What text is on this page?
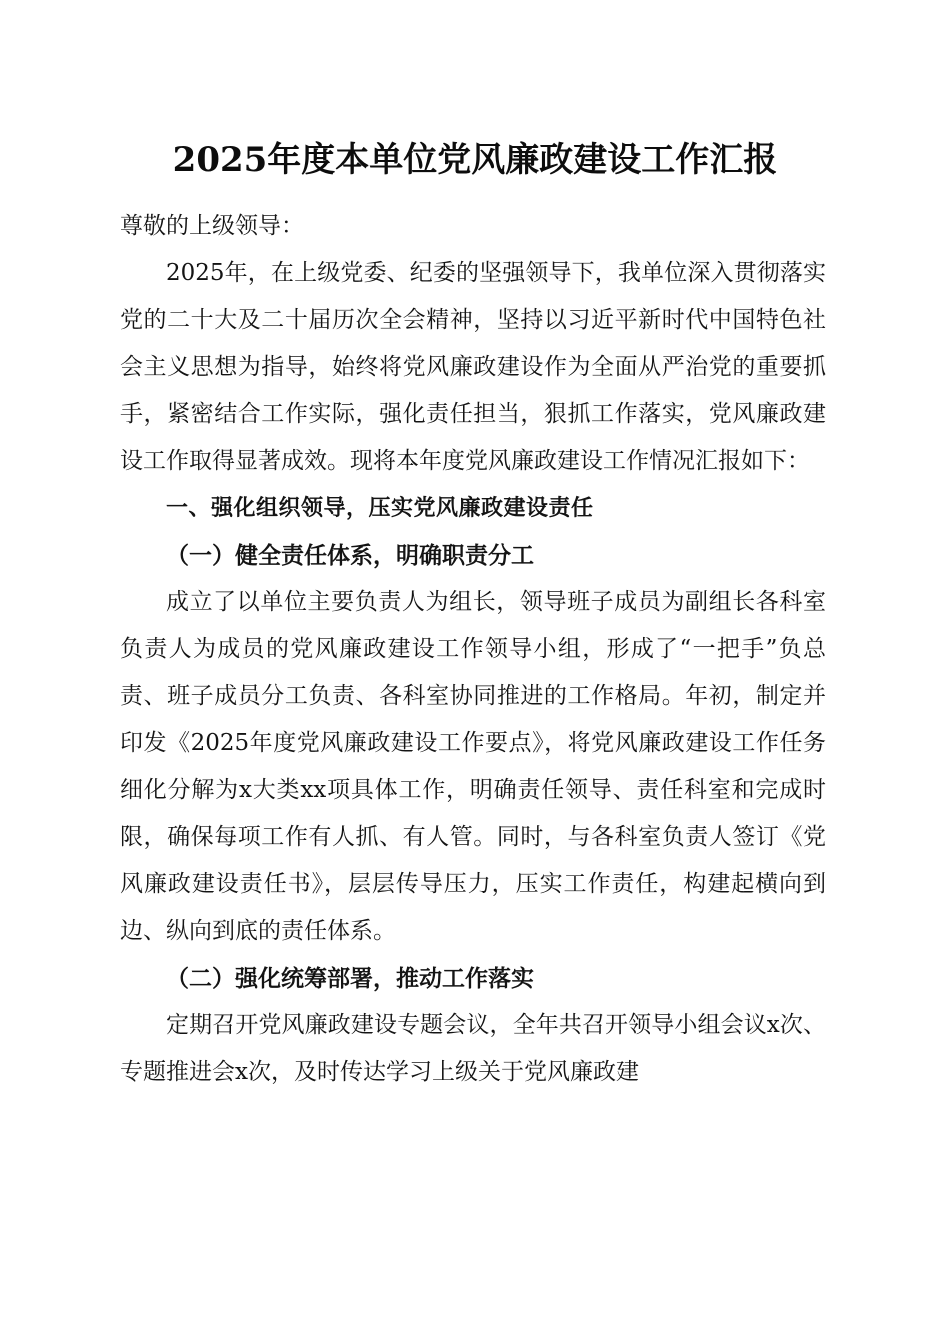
2025年度本单位党风廉政建设工作汇报

尊敬的上级领导：

2025年，在上级党委、纪委的坚强领导下，我单位深入贯彻落实党的二十大及二十届历次全会精神，坚持以习近平新时代中国特色社会主义思想为指导，始终将党风廉政建设作为全面从严治党的重要抓手，紧密结合工作实际，强化责任担当，狠抓工作落实，党风廉政建设工作取得显著成效。现将本年度党风廉政建设工作情况汇报如下：

一、强化组织领导，压实党风廉政建设责任

（一）健全责任体系，明确职责分工

成立了以单位主要负责人为组长，领导班子成员为副组长各科室负责人为成员的党风廉政建设工作领导小组，形成了“一把手”负总责、班子成员分工负责、各科室协同推进的工作格局。年初，制定并印发《2025年度党风廉政建设工作要点》，将党风廉政建设工作任务细化分解为x大类xx项具体工作，明确责任领导、责任科室和完成时限，确保每项工作有人抓、有人管。同时，与各科室负责人签订《党风廉政建设责任书》，层层传导压力，压实工作责任，构建起横向到边、纵向到底的责任体系。

（二）强化统筹部署，推动工作落实

定期召开党风廉政建设专题会议，全年共召开领导小组会议x次、专题推进会x次，及时传达学习上级关于党风廉政建
